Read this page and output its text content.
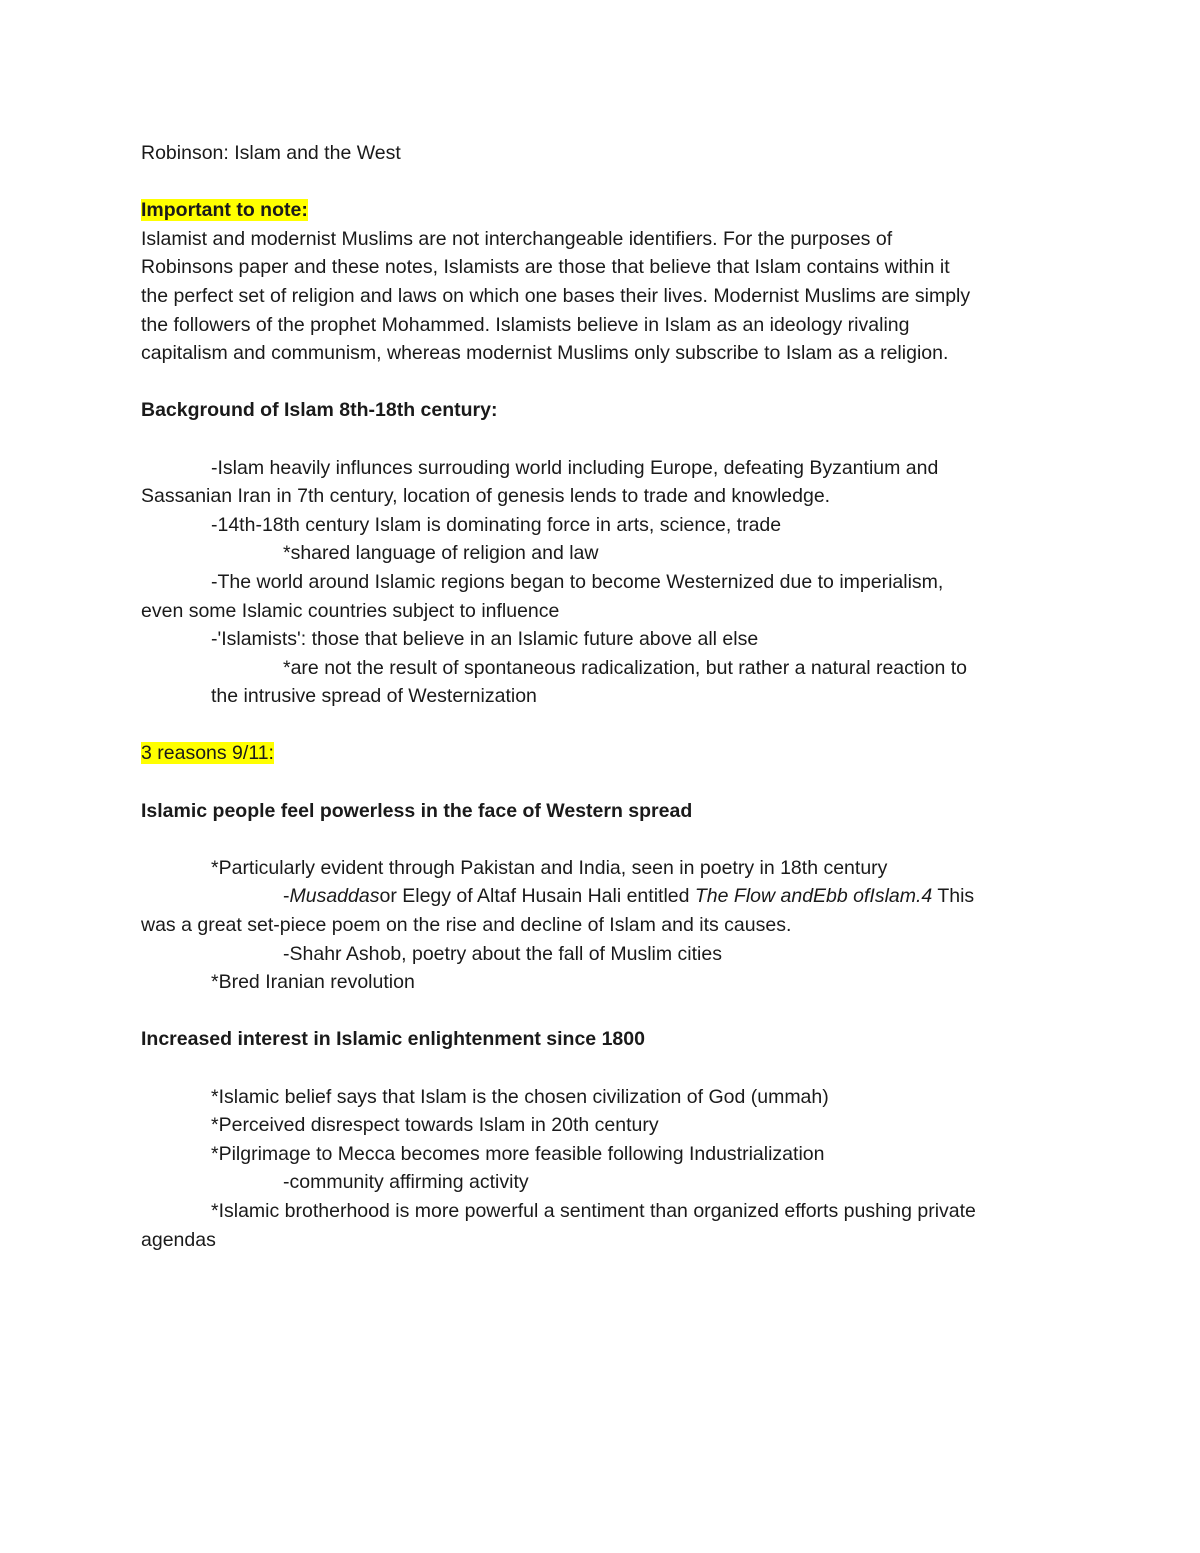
Robinson: Islam and the West
Important to note:
Islamist and modernist Muslims are not interchangeable identifiers. For the purposes of
Robinsons paper and these notes, Islamists are those that believe that Islam contains within it
the perfect set of religion and laws on which one bases their lives. Modernist Muslims are simply
the followers of the prophet Mohammed. Islamists believe in Islam as an ideology rivaling
capitalism and communism, whereas modernist Muslims only subscribe to Islam as a religion.
Background of Islam 8th-18th century:
-Islam heavily influnces surrouding world including Europe, defeating Byzantium and
Sassanian Iran in 7th century, location of genesis lends to trade and knowledge.
-14th-18th century Islam is dominating force in arts, science, trade
*shared language of religion and law
-The world around Islamic regions began to become Westernized due to imperialism,
even some Islamic countries subject to influence
-'Islamists': those that believe in an Islamic future above all else
*are not the result of spontaneous radicalization, but rather a natural reaction to
the intrusive spread of Westernization
3 reasons 9/11:
Islamic people feel powerless in the face of Western spread
*Particularly evident through Pakistan and India, seen in poetry in 18th century
-Musaddasor Elegy of Altaf Husain Hali entitled The Flow andEbb ofIslam.4 This
was a great set-piece poem on the rise and decline of Islam and its causes.
-Shahr Ashob, poetry about the fall of Muslim cities
*Bred Iranian revolution
Increased interest in Islamic enlightenment since 1800
*Islamic belief says that Islam is the chosen civilization of God (ummah)
*Perceived disrespect towards Islam in 20th century
*Pilgrimage to Mecca becomes more feasible following Industrialization
-community affirming activity
*Islamic brotherhood is more powerful a sentiment than organized efforts pushing private
agendas
